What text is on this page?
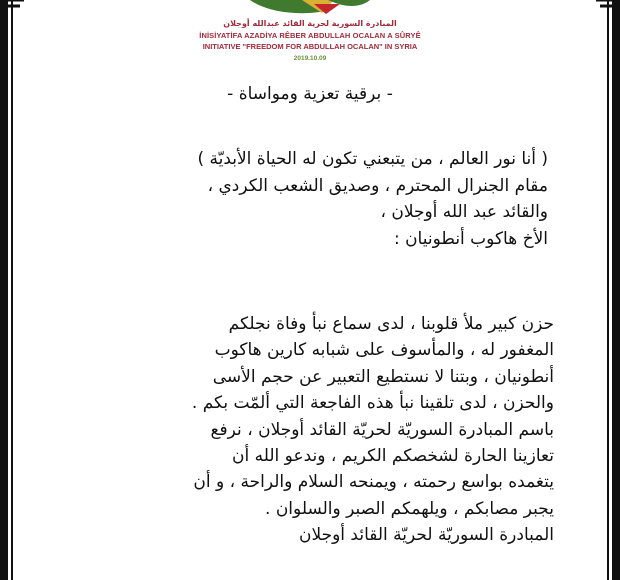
المبادرة السورية لحرية القائد عبدالله أوجلان
İNİSİYATİFA AZADİYA RÊBER ABDULLAH OCALAN A SÛRYÊ
INITIATIVE "FREEDOM FOR ABDULLAH OCALAN" IN SYRIA
2019.10.09
- برقية تعزية ومواساة -
( أنا نور العالم ، من يتبعني تكون له الحياة الأبديّة )
مقام الجنرال المحترم ، وصديق الشعب الكردي ،
والقائد عبد الله أوجلان ،
الأخ هاكوب أنطونيان :
حزن كبير ملأ قلوبنا ، لدى سماع نبأ وفاة نجلكم
المغفور له ، والمأسوف على شبابه كارين هاكوب
أنطونيان ، وبتنا لا نستطيع التعبير عن حجم الأسى
والحزن ، لدى تلقينا نبأ هذه الفاجعة التي ألمّت بكم .
باسم المبادرة السوريّة لحريّة القائد أوجلان ، نرفع
تعازينا الحارة لشخصكم الكريم ، وندعو الله أن
يتغمده بواسع رحمته ، ويمنحه السلام والراحة ، و أن
يجبر مصابكم ، ويلهمكم الصبر والسلوان .
المبادرة السوريّة لحريّة القائد أوجلان
